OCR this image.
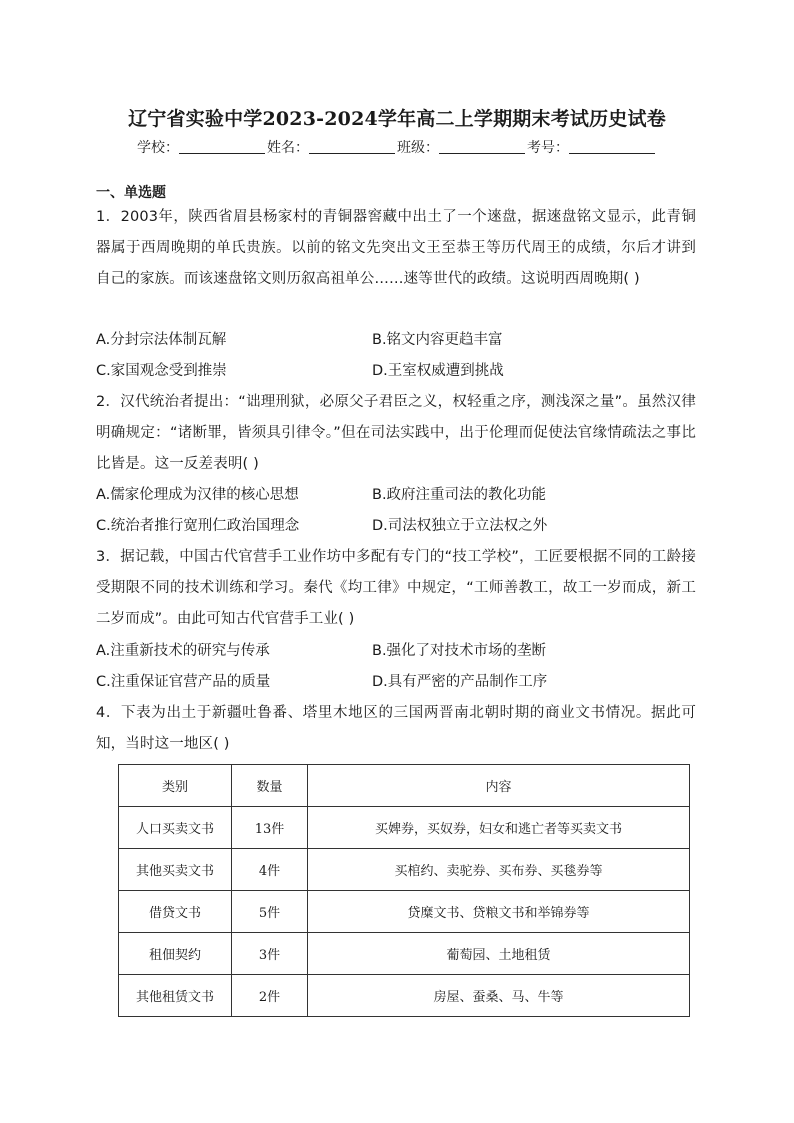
辽宁省实验中学2023-2024学年高二上学期期末考试历史试卷
学校：	姓名：	班级：	考号：
一、单选题
1．2003年，陕西省眉县杨家村的青铜器窖藏中出土了一个逨盘，据逨盘铭文显示，此青铜器属于西周晚期的单氏贵族。以前的铭文先突出文王至恭王等历代周王的成绩，尔后才讲到自己的家族。而该逨盘铭文则历叙高祖单公……逨等世代的政绩。这说明西周晚期( )
A.分封宗法体制瓦解	B.铭文内容更趋丰富
C.家国观念受到推崇	D.王室权威遭到挑战
2．汉代统治者提出：“诎理刑狱，必原父子君臣之义，权轻重之序，测浅深之量”。虽然汉律明确规定：“诸断罪，皆须具引律令。”但在司法实践中，出于伦理而促使法官缘情疏法之事比比皆是。这一反差表明( )
A.儒家伦理成为汉律的核心思想	B.政府注重司法的教化功能
C.统治者推行宽刑仁政治国理念	D.司法权独立于立法权之外
3．据记载，中国古代官营手工业作坊中多配有专门的“技工学校”，工匠要根据不同的工龄接受期限不同的技术训练和学习。秦代《均工律》中规定，“工师善教工，故工一岁而成，新工二岁而成”。由此可知古代官营手工业( )
A.注重新技术的研究与传承	B.强化了对技术市场的垄断
C.注重保证官营产品的质量	D.具有严密的产品制作工序
4．下表为出土于新疆吐鲁番、塔里木地区的三国两晋南北朝时期的商业文书情况。据此可知，当时这一地区( )
类别	数量	内容
人口买卖文书	13件	买婢券，买奴券，妇女和逃亡者等买卖文书
其他买卖文书	4件	买棺约、卖驼券、买布券、买毯券等
借贷文书	5件	贷糜文书、贷粮文书和举锦券等
租佃契约	3件	葡萄园、土地租赁
其他租赁文书	2件	房屋、蚕桑、马、牛等
